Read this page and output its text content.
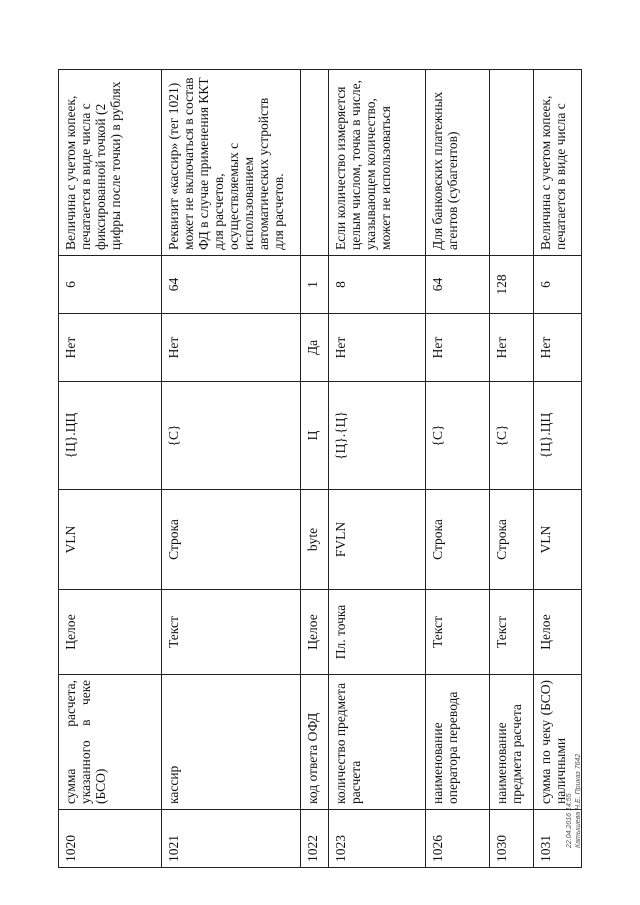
1020	сумма расчета, указанного в чеке (БСО)	Целое	VLN	{Ц}.ЦЦ	Нет	6	Величина с учетом копеек, печатается в виде числа с фиксированной точкой (2 цифры после точки) в рублях
1021	кассир	Текст	Строка	{С}	Нет	64	Реквизит «кассир» (тег 1021) может не включаться в состав ФД в случае применения ККТ для расчетов, осуществляемых с использованием автоматических устройств для расчетов.
1022	код ответа ОФД	Целое	byte	Ц	Да	1	
1023	количество предмета расчета	Пл. точка	FVLN	{Ц}.{Ц}	Нет	8	Если количество измеряется целым числом, точка в числе, указывающем количество, может не использоваться
1026	наименование оператора перевода	Текст	Строка	{С}	Нет	64	Для банковских платежных агентов (субагентов)
1030	наименование предмета расчета	Текст	Строка	{С}	Нет	128	
1031	сумма по чеку (БСО) наличными	Целое	VLN	{Ц}.ЦЦ	Нет	6	Величина с учетом копеек, печатается в виде числа с
22.04.2016 14:55 Катышева Н.Е. Приказ 7642
